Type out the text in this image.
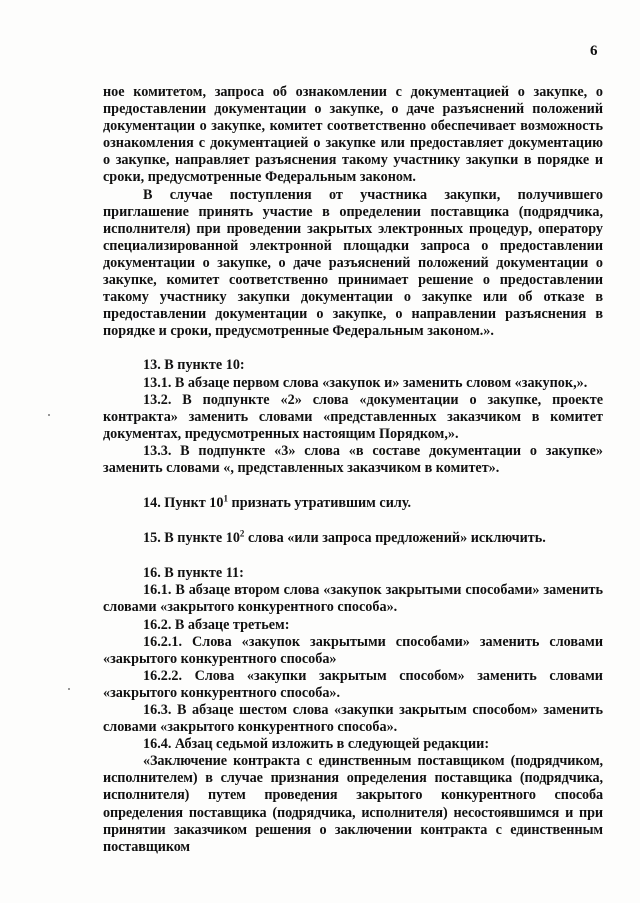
6

ное комитетом, запроса об ознакомлении с документацией о закупке, о предоставлении документации о закупке, о даче разъяснений положений документации о закупке, комитет соответственно обеспечивает возможность ознакомления с документацией о закупке или предоставляет документацию о закупке, направляет разъяснения такому участнику закупки в порядке и сроки, предусмотренные Федеральным законом.

В случае поступления от участника закупки, получившего приглашение принять участие в определении поставщика (подрядчика, исполнителя) при проведении закрытых электронных процедур, оператору специализированной электронной площадки запроса о предоставлении документации о закупке, о даче разъяснений положений документации о закупке, комитет соответственно принимает решение о предоставлении такому участнику закупки документации о закупке или об отказе в предоставлении документации о закупке, о направлении разъяснения в порядке и сроки, предусмотренные Федеральным законом.».

13. В пункте 10:

13.1. В абзаце первом слова «закупок и» заменить словом «закупок,».

13.2. В подпункте «2» слова «документации о закупке, проекте контракта» заменить словами «представленных заказчиком в комитет документах, предусмотренных настоящим Порядком,».

13.3. В подпункте «3» слова «в составе документации о закупке» заменить словами «, представленных заказчиком в комитет».

14. Пункт $10^1$ признать утратившим силу.

15. В пункте $10^2$ слова «или запроса предложений» исключить.

16. В пункте 11:

16.1. В абзаце втором слова «закупок закрытыми способами» заменить словами «закрытого конкурентного способа».

16.2. В абзаце третьем:

16.2.1. Слова «закупок закрытыми способами» заменить словами «закрытого конкурентного способа»

16.2.2. Слова «закупки закрытым способом» заменить словами «закрытого конкурентного способа».

16.3. В абзаце шестом слова «закупки закрытым способом» заменить словами «закрытого конкурентного способа».

16.4. Абзац седьмой изложить в следующей редакции:

«Заключение контракта с единственным поставщиком (подрядчиком, исполнителем) в случае признания определения поставщика (подрядчика, исполнителя) путем проведения закрытого конкурентного способа определения поставщика (подрядчика, исполнителя) несостоявшимся и при принятии заказчиком решения о заключении контракта с единственным поставщиком
